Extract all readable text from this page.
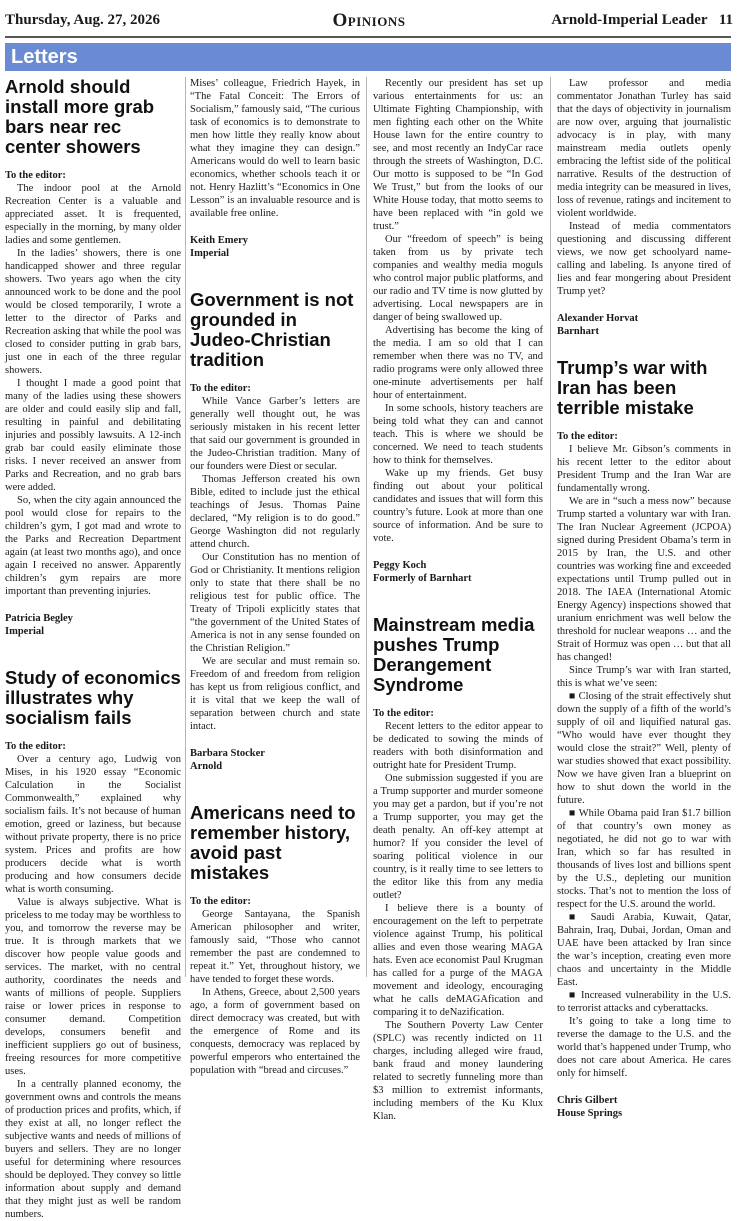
Thursday, Aug. 27, 2026	Opinions	Arnold-Imperial Leader 11
Letters
Arnold should install more grab bars near rec center showers

To the editor:

The indoor pool at the Arnold Recreation Center is a valuable and appreciated asset. It is frequented, especially in the morning, by many older ladies and some gentlemen.

In the ladies’ showers, there is one handicapped shower and three regular showers. Two years ago when the city announced work to be done and the pool would be closed temporarily, I wrote a letter to the director of Parks and Recreation asking that while the pool was closed to consider putting in grab bars, just one in each of the three regular showers.

I thought I made a good point that many of the ladies using these showers are older and could easily slip and fall, resulting in painful and debilitating injuries and possibly lawsuits. A 12-inch grab bar could easily eliminate those risks. I never received an answer from Parks and Recreation, and no grab bars were added.

So, when the city again announced the pool would close for repairs to the children’s gym, I got mad and wrote to the Parks and Recreation Department again (at least two months ago), and once again I received no answer. Apparently children’s gym repairs are more important than preventing injuries.

Patricia Begley
Imperial

Study of economics illustrates why socialism fails

To the editor:

Over a century ago, Ludwig von Mises, in his 1920 essay “Economic Calculation in the Socialist Commonwealth,” explained why socialism fails. It’s not because of human emotion, greed or laziness, but because without private property, there is no price system. Prices and profits are how producers decide what is worth producing and how consumers decide what is worth consuming.

Value is always subjective. What is priceless to me today may be worthless to you, and tomorrow the reverse may be true. It is through markets that we discover how people value goods and services. The market, with no central authority, coordinates the needs and wants of millions of people. Suppliers raise or lower prices in response to consumer demand. Competition develops, consumers benefit and inefficient suppliers go out of business, freeing resources for more competitive uses.

In a centrally planned economy, the government owns and controls the means of production prices and profits, which, if they exist at all, no longer reflect the subjective wants and needs of millions of buyers and sellers. They are no longer useful for determining where resources should be deployed. They convey so little information about supply and demand that they might just as well be random numbers.

Mises’ colleague, Friedrich Hayek, in “The Fatal Conceit: The Errors of Socialism,” famously said, “The curious task of economics is to demonstrate to men how little they really know about what they imagine they can design.” Americans would do well to learn basic economics, whether schools teach it or not. Henry Hazlitt’s “Economics in One Lesson” is an invaluable resource and is available free online.

Keith Emery
Imperial

Government is not grounded in Judeo-Christian tradition

To the editor:

While Vance Garber’s letters are generally well thought out, he was seriously mistaken in his recent letter that said our government is grounded in the Judeo-Christian tradition. Many of our founders were Diest or secular.

Thomas Jefferson created his own Bible, edited to include just the ethical teachings of Jesus. Thomas Paine declared, “My religion is to do good.” George Washington did not regularly attend church.

Our Constitution has no mention of God or Christianity. It mentions religion only to state that there shall be no religious test for public office. The Treaty of Tripoli explicitly states that “the government of the United States of America is not in any sense founded on the Christian Religion.”

We are secular and must remain so. Freedom of and freedom from religion has kept us from religious conflict, and it is vital that we keep the wall of separation between church and state intact.

Barbara Stocker
Arnold

Americans need to remember history, avoid past mistakes

To the editor:

George Santayana, the Spanish American philosopher and writer, famously said, “Those who cannot remember the past are condemned to repeat it.” Yet, throughout history, we have tended to forget these words.

In Athens, Greece, about 2,500 years ago, a form of government based on direct democracy was created, but with the emergence of Rome and its conquests, democracy was replaced by powerful emperors who entertained the population with “bread and circuses.”

Recently our president has set up various entertainments for us: an Ultimate Fighting Championship, with men fighting each other on the White House lawn for the entire country to see, and most recently an IndyCar race through the streets of Washington, D.C. Our motto is supposed to be “In God We Trust,” but from the looks of our White House today, that motto seems to have been replaced with “in gold we trust.”

Our “freedom of speech” is being taken from us by private tech companies and wealthy media moguls who control major public platforms, and our radio and TV time is now glutted by advertising. Local newspapers are in danger of being swallowed up.

Advertising has become the king of the media. I am so old that I can remember when there was no TV, and radio programs were only allowed three one-minute advertisements per half hour of entertainment.

In some schools, history teachers are being told what they can and cannot teach. This is where we should be concerned. We need to teach students how to think for themselves.

Wake up my friends. Get busy finding out about your political candidates and issues that will form this country’s future. Look at more than one source of information. And be sure to vote.

Peggy Koch
Formerly of Barnhart

Mainstream media pushes Trump Derangement Syndrome

To the editor:

Recent letters to the editor appear to be dedicated to sowing the minds of readers with both disinformation and outright hate for President Trump.

One submission suggested if you are a Trump supporter and murder someone you may get a pardon, but if you’re not a Trump supporter, you may get the death penalty. An off-key attempt at humor? If you consider the level of soaring political violence in our country, is it really time to see letters to the editor like this from any media outlet?

I believe there is a bounty of encouragement on the left to perpetrate violence against Trump, his political allies and even those wearing MAGA hats. Even ace economist Paul Krugman has called for a purge of the MAGA movement and ideology, encouraging what he calls deMAGAfication and comparing it to deNazification.

The Southern Poverty Law Center (SPLC) was recently indicted on 11 charges, including alleged wire fraud, bank fraud and money laundering related to secretly funneling more than $3 million to extremist informants, including members of the Ku Klux Klan.

Law professor and media commentator Jonathan Turley has said that the days of objectivity in journalism are now over, arguing that journalistic advocacy is in play, with many mainstream media outlets openly embracing the leftist side of the political narrative. Results of the destruction of media integrity can be measured in lives, loss of revenue, ratings and incitement to violent worldwide.

Instead of media commentators questioning and discussing different views, we now get schoolyard name-calling and labeling. Is anyone tired of lies and fear mongering about President Trump yet?

Alexander Horvat
Barnhart

Trump’s war with Iran has been terrible mistake

To the editor:

I believe Mr. Gibson’s comments in his recent letter to the editor about President Trump and the Iran War are fundamentally wrong.

We are in “such a mess now” because Trump started a voluntary war with Iran. The Iran Nuclear Agreement (JCPOA) signed during President Obama’s term in 2015 by Iran, the U.S. and other countries was working fine and exceeded expectations until Trump pulled out in 2018. The IAEA (International Atomic Energy Agency) inspections showed that uranium enrichment was well below the threshold for nuclear weapons … and the Strait of Hormuz was open … but that all has changed!

Since Trump’s war with Iran started, this is what we’ve seen:

■ Closing of the strait effectively shut down the supply of a fifth of the world’s supply of oil and liquified natural gas. “Who would have ever thought they would close the strait?” Well, plenty of war studies showed that exact possibility. Now we have given Iran a blueprint on how to shut down the world in the future.

■ While Obama paid Iran $1.7 billion of that country’s own money as negotiated, he did not go to war with Iran, which so far has resulted in thousands of lives lost and billions spent by the U.S., depleting our munition stocks. That’s not to mention the loss of respect for the U.S. around the world.

■ Saudi Arabia, Kuwait, Qatar, Bahrain, Iraq, Dubai, Jordan, Oman and UAE have been attacked by Iran since the war’s inception, creating even more chaos and uncertainty in the Middle East.

■ Increased vulnerability in the U.S. to terrorist attacks and cyberattacks.

It’s going to take a long time to reverse the damage to the U.S. and the world that’s happened under Trump, who does not care about America. He cares only for himself.

Chris Gilbert
House Springs
